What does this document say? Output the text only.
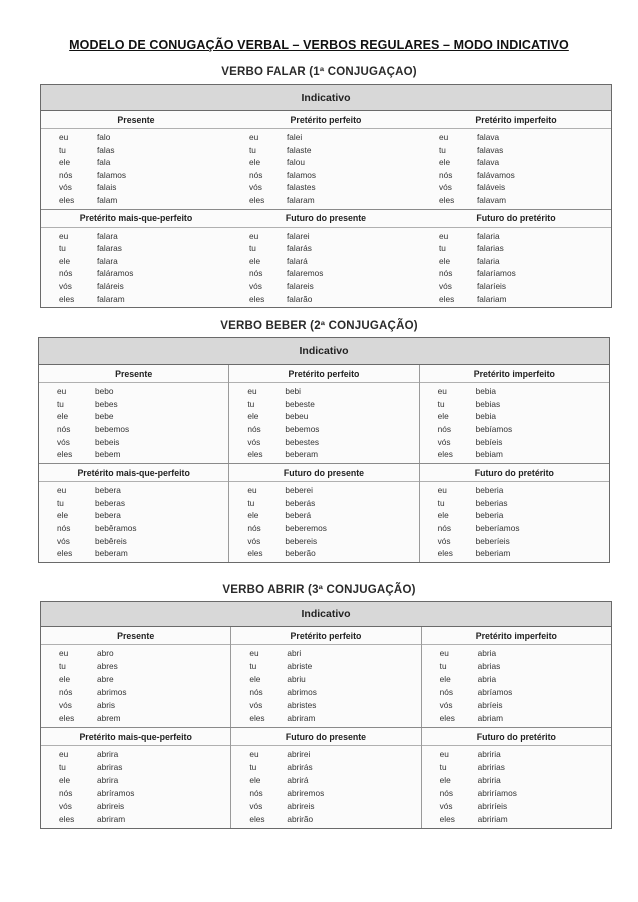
MODELO DE CONUGAÇÃO VERBAL – VERBOS REGULARES – MODO INDICATIVO
VERBO FALAR (1ª CONJUGAÇAO)
Indicativo
Presente
eu	falo
tu	falas
ele	fala
nós	falamos
vós	falais
eles	falam
Pretérito perfeito
eu	falei
tu	falaste
ele	falou
nós	falamos
vós	falastes
eles	falaram
Pretérito imperfeito
eu	falava
tu	falavas
ele	falava
nós	falávamos
vós	faláveis
eles	falavam
Pretérito mais-que-perfeito
eu	falara
tu	falaras
ele	falara
nós	faláramos
vós	faláreis
eles	falaram
Futuro do presente
eu	falarei
tu	falarás
ele	falará
nós	falaremos
vós	falareis
eles	falarão
Futuro do pretérito
eu	falaria
tu	falarias
ele	falaria
nós	falaríamos
vós	falaríeis
eles	falariam
VERBO BEBER (2ª CONJUGAÇÃO)
Indicativo
Presente
eu	bebo
tu	bebes
ele	bebe
nós	bebemos
vós	bebeis
eles	bebem
Pretérito perfeito
eu	bebi
tu	bebeste
ele	bebeu
nós	bebemos
vós	bebestes
eles	beberam
Pretérito imperfeito
eu	bebia
tu	bebias
ele	bebia
nós	bebíamos
vós	bebíeis
eles	bebiam
Pretérito mais-que-perfeito
eu	bebera
tu	beberas
ele	bebera
nós	bebêramos
vós	bebêreis
eles	beberam
Futuro do presente
eu	beberei
tu	beberás
ele	beberá
nós	beberemos
vós	bebereis
eles	beberão
Futuro do pretérito
eu	beberia
tu	beberias
ele	beberia
nós	beberíamos
vós	beberíeis
eles	beberiam
VERBO ABRIR (3ª CONJUGAÇÃO)
Indicativo
Presente
eu	abro
tu	abres
ele	abre
nós	abrimos
vós	abris
eles	abrem
Pretérito perfeito
eu	abri
tu	abriste
ele	abriu
nós	abrimos
vós	abristes
eles	abriram
Pretérito imperfeito
eu	abria
tu	abrias
ele	abria
nós	abríamos
vós	abríeis
eles	abriam
Pretérito mais-que-perfeito
eu	abrira
tu	abriras
ele	abrira
nós	abríramos
vós	abrireis
eles	abriram
Futuro do presente
eu	abrirei
tu	abrirás
ele	abrirá
nós	abriremos
vós	abrireis
eles	abrirão
Futuro do pretérito
eu	abriria
tu	abririas
ele	abriria
nós	abriríamos
vós	abriríeis
eles	abririam
